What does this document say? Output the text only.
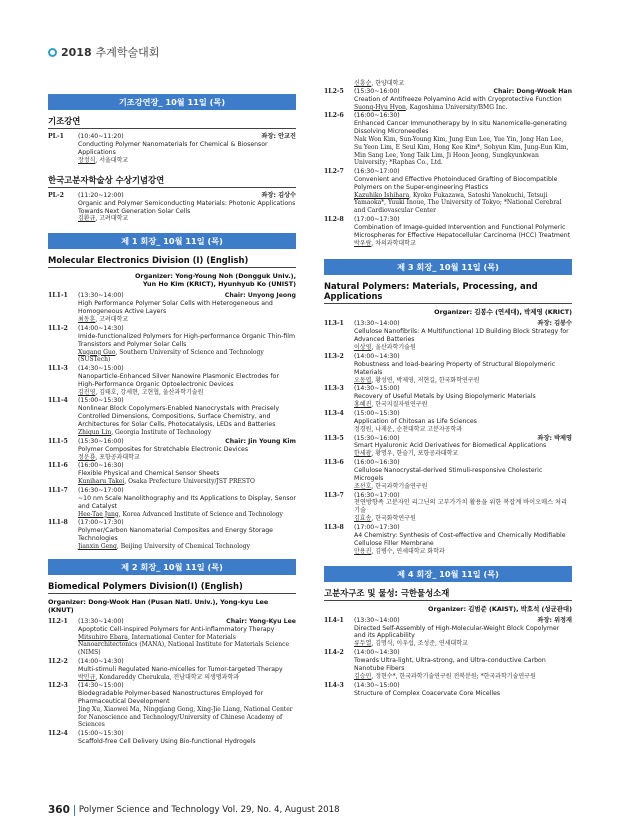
2018 추계학술대회
기조강연장_ 10월 11일 (목)
기조강연
PL-1	(10:40~11:20)	좌장: 안교진
Conducting Polymer Nanomaterials for Chemical & Biosensor Applications
장정식, 서울대학교
한국고분자학술상 수상기념강연
PL-2	(11:20~12:00)	좌장: 김상수
Organic and Polymer Semiconducting Materials: Photonic Applications Towards Next Generation Solar Cells
김환규, 고려대학교
제 1 회장_ 10월 11일 (목)
Molecular Electronics Division (I) (English)
Organizer: Yong-Young Noh (Dongguk Univ.),
Yun Ho Kim (KRICT), Hyunhyub Ko (UNIST)
1L1-1	(13:30~14:00)	Chair: Unyong Jeong
High Performance Polymer Solar Cells with Heterogeneous and Homogeneous Active Layers
최동훈, 고려대학교
1L1-2	(14:00~14:30)
Imide-functionalized Polymers for High-performance Organic Thin-film Transistors and Polymer Solar Cells
Xugang Guo, Southern University of Science and Technology (SUSTech)
1L1-3	(14:30~15:00)
Nanoparticle-Enhanced Silver Nanowire Plasmonic Electrodes for High-Performance Organic Optoelectronic Devices
김진영, 김태호, 강세현, 고현협, 울산과학기술원
1L1-4	(15:00~15:30)
Nonlinear Block Copolymers-Enabled Nanocrystals with Precisely Controlled Dimensions, Compositions, Surface Chemistry, and Architectures for Solar Cells, Photocatalysis, LEDs and Batteries
Zhiqun Lin, Georgia Institute of Technology
1L1-5	(15:30~16:00)	Chair: Jin Young Kim
Polymer Composites for Stretchable Electronic Devices
정운룡, 포항공과대학교
1L1-6	(16:00~16:30)
Flexible Physical and Chemical Sensor Sheets
Kuniharu Takei, Osaka Prefecture University/JST PRESTO
1L1-7	(16:30~17:00)
~10 nm Scale Nanolithography and Its Applications to Display, Sensor and Catalyst
Hee-Tae Jung, Korea Advanced Institute of Science and Technology
1L1-8	(17:00~17:30)
Polymer/Carbon Nanomaterial Composites and Energy Storage Technologies
Jianxin Geng, Beijing University of Chemical Technology
제 2 회장_ 10월 11일 (목)
Biomedical Polymers Division(I) (English)
Organizer: Dong-Wook Han (Pusan Natl. Univ.), Yong-kyu Lee (KNUT)
1L2-1	(13:30~14:00)	Chair: Yong-Kyu Lee
Apoptotic Cell-inspired Polymers for Anti-inflammatory Therapy
Mitsuhiro Ebara, International Center for Materials Nanoarchitectonics (MANA), National Institute for Materials Science (NIMS)
1L2-2	(14:00~14:30)
Multi-stimuli Regulated Nano-micelles for Tumor-targeted Therapy
박민규, Kondareddy Cherukula, 전남대학교 의생명과학과
1L2-3	(14:30~15:00)
Biodegradable Polymer-based Nanostructures Employed for Pharmaceutical Development
Jing Xu, Xiaowei Ma, Ningqiang Gong, Xing-Jie Liang, National Center for Nanoscience and Technology/University of Chinese Academy of Sciences
1L2-4	(15:00~15:30)
Scaffold-free Cell Delivery Using Bio-functional Hydrogels
신흥순, 한양대학교
1L2-5	(15:30~16:00)	Chair: Dong-Wook Han
Creation of Antifreeze Polyamino Acid with Cryoprotective Function
Suong-Hyu Hyon, Kagoshima University/BMG Inc.
1L2-6	(16:00~16:30)
Enhanced Cancer Immunotherapy by In situ Nanomicelle-generating Dissolving Microneedles
Nak Won Kim, Sun-Young Kim, Jung Eun Lee, Yue Yin, Jong Han Lee, Su Yeon Lim, E Seul Kim, Hong Kee Kim*, Sohyun Kim, Jung-Eun Kim, Min Sang Lee, Yong Taik Lim, Ji Hoon Jeong, Sungkyunkwan University; *Raphas Co., Ltd.
1L2-7	(16:30~17:00)
Convenient and Effective Photoinduced Grafting of Biocompatible Polymers on the Super-engineering Plastics
Kazuhiko Ishihara, Kyoko Fukazawa, Satoshi Yanokuchi, Tetsuji Yamaoka*, Yuuki Inoue, The University of Tokyo; *National Cerebral and Cardiovascular Center
1L2-8	(17:00~17:30)
Combination of Image-guided Intervention and Functional Polymeric Microspheres for Effective Hepatocellular Carcinoma (HCC) Treatment
박우람, 차의과학대학교
제 3 회장_ 10월 11일 (목)
Natural Polymers: Materials, Processing, and Applications
Organizer: 김봉수 (연세대), 박제영 (KRICT)
1L3-1	(13:30~14:00)	좌장: 김봉수
Cellulose Nanofibrils: A Multifunctional 1D Building Block Strategy for Advanced Batteries
이상영, 울산과학기술원
1L3-2	(14:00~14:30)
Robustness and load-bearing Property of Structural Biopolymeric Materials
오동엽, 황성연, 박제영, 저현길, 한국화학연구원
1L3-3	(14:30~15:00)
Recovery of Useful Metals by Using Biopolymeric Materials
홍혜진, 한국지질자원연구원
1L3-4	(15:00~15:30)
Application of Chitosan as Life Sciences
정경원, 나재운, 순천대학교 고분자공학과
1L3-5	(15:30~16:00)	좌장: 박제영
Smart Hyaluronic Acid Derivatives for Biomedical Applications
한세광, 황명우, 한슬기, 포항공과대학교
1L3-6	(16:00~16:30)
Cellulose Nanocrystal-derived Stimuli-responsive Cholesteric Microgels
조선호, 한국과학기술연구원
1L3-7	(16:30~17:00)
천연방향족 고분자인 리그닌의 고부가가치 활용을 위한 복잡계 바이오매스 처리기술
김효송, 한국화학연구원
1L3-8	(17:00~17:30)
A4 Chemistry: Synthesis of Cost-effective and Chemically Modifiable Cellulose Filler Membrane
안용진, 김병수, 연세대학교 화학과
제 4 회장_ 10월 11일 (목)
고분자구조 및 물성: 극한물성소재
Organizer: 김범준 (KAIST), 박호석 (성균관대)
1L4-1	(13:30~14:00)	좌장: 위정재
Directed Self-Assembly of High-Molecular-Weight Block Copolymer and its Applicability
류두열, 김명식, 이우섭, 조성준, 연세대학교
1L4-2	(14:00~14:30)
Towards Ultra-light, Ultra-strong, and Ultra-conductive Carbon Nanotube Fibers
김승민, 정현수*, 한국과학기술연구원 전북분원; *한국과학기술연구원
1L4-3	(14:30~15:00)
Structure of Complex Coacervate Core Micelles
360 Polymer Science and Technology Vol. 29, No. 4, August 2018
